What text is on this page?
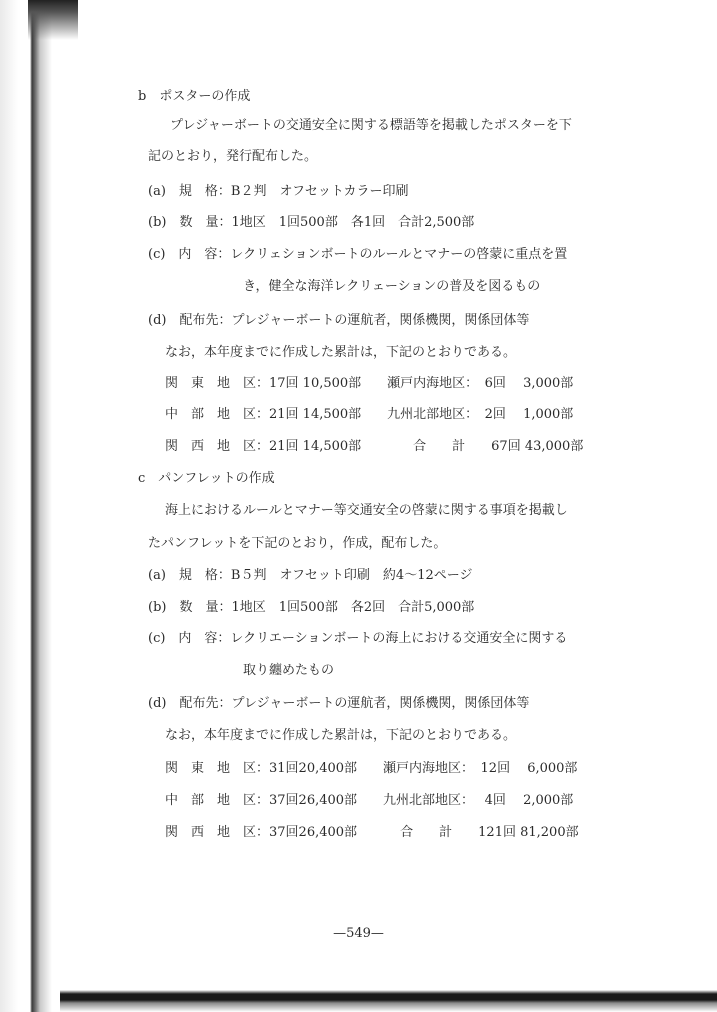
b　ポスターの作成
プレジャーボートの交通安全に関する標語等を掲載したポスターを下
記のとおり，発行配布した。
(a)　規　格：B２判　オフセットカラー印刷
(b)　数　量：1地区　1回500部　各1回　合計2,500部
(c)　内　容：レクリェションボートのルールとマナーの啓蒙に重点を置
き，健全な海洋レクリェーションの普及を図るもの
(d)　配布先：プレジャーボートの運航者，関係機関，関係団体等
なお，本年度までに作成した累計は，下記のとおりである。
関　東　地　区：17回 10,500部　　瀬戸内海地区：　6回　 3,000部
中　部　地　区：21回 14,500部　　九州北部地区：　2回　 1,000部
関　西　地　区：21回 14,500部　　　　合　　計　　67回 43,000部
c　パンフレットの作成
海上におけるルールとマナー等交通安全の啓蒙に関する事項を掲載し
たパンフレットを下記のとおり，作成，配布した。
(a)　規　格：B５判　オフセット印刷　約4〜12ページ
(b)　数　量：1地区　1回500部　各2回　合計5,000部
(c)　内　容：レクリエーションボートの海上における交通安全に関する
取り纏めたもの
(d)　配布先：プレジャーボートの運航者，関係機関，関係団体等
なお，本年度までに作成した累計は，下記のとおりである。
関　東　地　区：31回20,400部　　瀬戸内海地区：　12回　 6,000部
中　部　地　区：37回26,400部　　九州北部地区：　 4回　 2,000部
関　西　地　区：37回26,400部　　　 合　　計　　121回 81,200部
—549—
